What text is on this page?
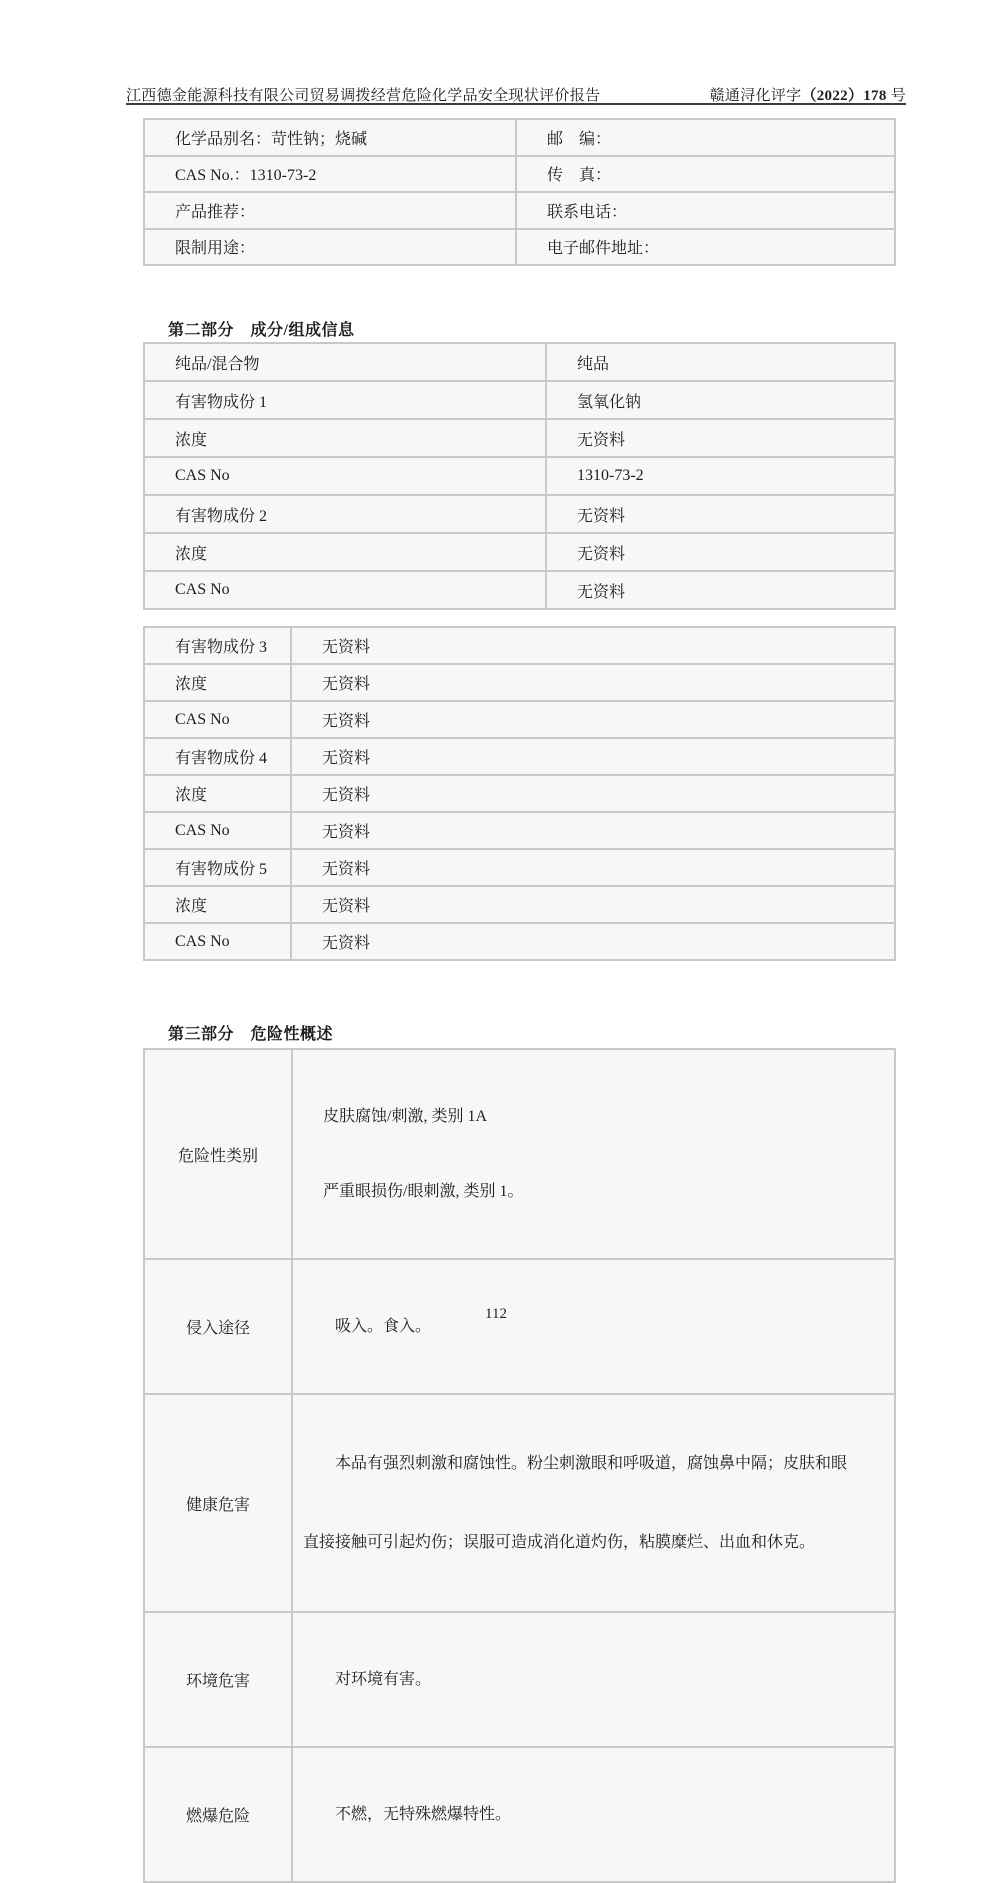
江西德金能源科技有限公司贸易调拨经营危险化学品安全现状评价报告	赣通浔化评字（2022）178 号
化学品别名：苛性钠；烧碱	邮　编：
CAS No.：1310-73-2	传　真：
产品推荐：	联系电话：
限制用途：	电子邮件地址：
第二部分　成分/组成信息
纯品/混合物	纯品
有害物成份 1	氢氧化钠
浓度	无资料
CAS No	1310-73-2
有害物成份 2	无资料
浓度	无资料
CAS No	无资料
有害物成份 3	无资料
浓度	无资料
CAS No	无资料
有害物成份 4	无资料
浓度	无资料
CAS No	无资料
有害物成份 5	无资料
浓度	无资料
CAS No	无资料
第三部分　危险性概述
危险性类别	皮肤腐蚀/刺激, 类别 1A

严重眼损伤/眼刺激, 类别 1。

侵入途径	吸入。食入。

健康危害	本品有强烈刺激和腐蚀性。粉尘刺激眼和呼吸道，腐蚀鼻中隔；皮肤和眼

直接接触可引起灼伤；误服可造成消化道灼伤，粘膜糜烂、出血和休克。

环境危害	对环境有害。

燃爆危险	不燃，无特殊燃爆特性。

112
